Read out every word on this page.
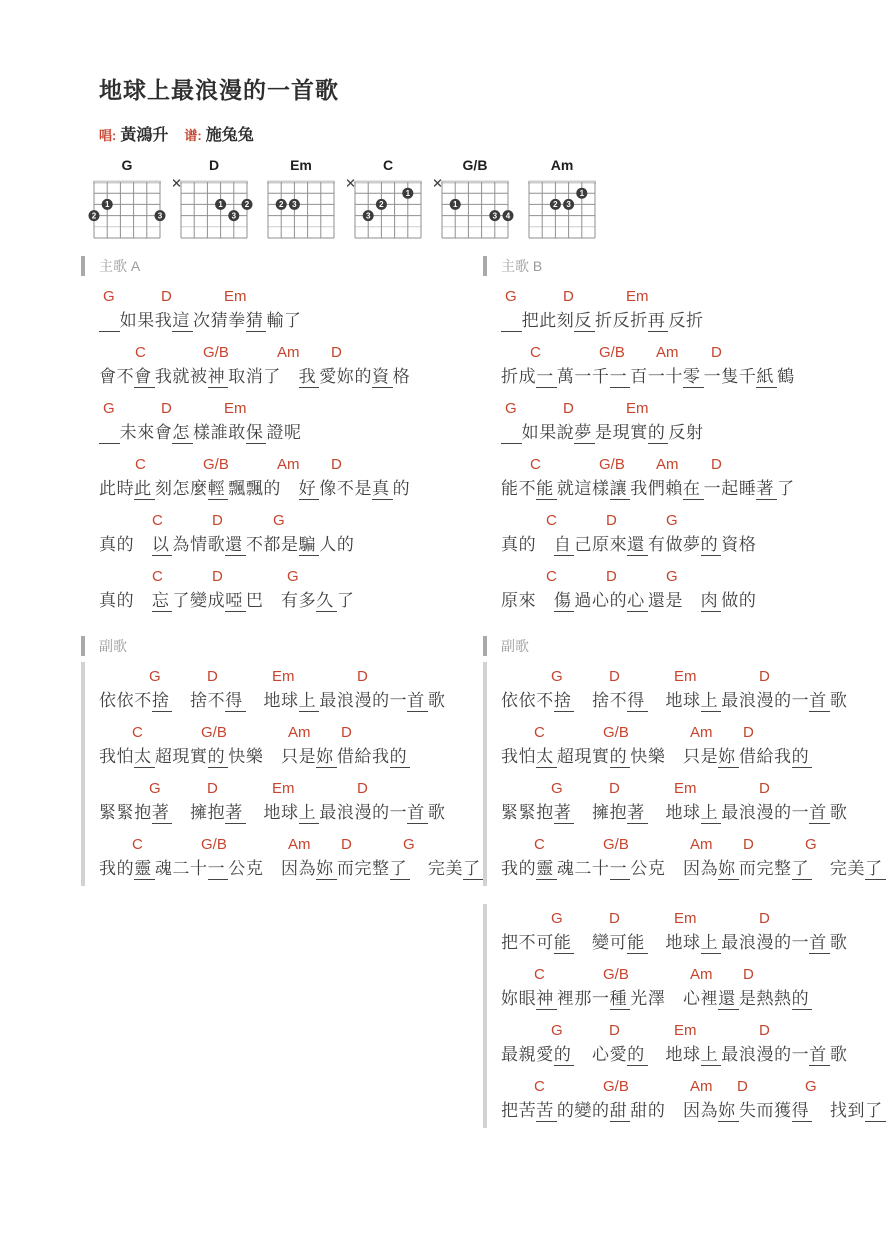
地球上最浪漫的一首歌
唱: 黃鴻升 谱: 施兔兔
G
1
2	3
D
1	2
3
Em
2 3
C
1
2
3
G/B
1
3 4
Am
1
2 3
主歌 A
G	D	Em
　如果我這 次猜拳猜 輸了
C	G/B	Am D
會不會 我就被神 取消了　我 愛妳的資 格
G	D	Em
　未來會怎 樣誰敢保 證呢
C	G/B	Am D
此時此 刻怎麼輕 飄飄的　好 像不是真 的
C	D	G
真的　以 為情歌還 不都是騙 人的
C	D	G
真的　忘 了變成啞 巴　有多久 了
副歌
G	D	Em	D
依依不捨　捨不得　地球上 最浪漫的一首 歌
C	G/B	Am D
我怕太 超現實的 快樂　只是妳 借給我的
G	D	Em	D
緊緊抱著　擁抱著　地球上 最浪漫的一首 歌
C	G/B	Am D	G
我的靈 魂二十一 公克　因為妳 而完整了　完美了
主歌 B
G	D	Em
　把此刻反 折反折再 反折
C	G/B Am D
折成一 萬一千一 百一十零 一隻千紙 鶴
G	D	Em
　如果說夢 是現實的 反射
C	G/B Am D
能不能 就這樣讓 我們賴在 一起睡著 了
C	D	G
真的　自 己原來還 有做夢的 資格
C	D	G
原來　傷 過心的心 還是　肉 做的
副歌
G	D	Em	D
依依不捨　捨不得　地球上 最浪漫的一首 歌
C	G/B	Am D
我怕太 超現實的 快樂　只是妳 借給我的
G	D	Em	D
緊緊抱著　擁抱著　地球上 最浪漫的一首 歌
C	G/B	Am D	G
我的靈 魂二十一 公克　因為妳 而完整了　完美了
G	D	Em	D
把不可能　變可能　地球上 最浪漫的一首 歌
C	G/B	Am D
妳眼神 裡那一種 光澤　心裡還 是熱熱的
G	D	Em	D
最親愛的　心愛的　地球上 最浪漫的一首 歌
C	G/B	Am D	G
把苦苦 的變的甜 甜的　因為妳 失而獲得　找到了
